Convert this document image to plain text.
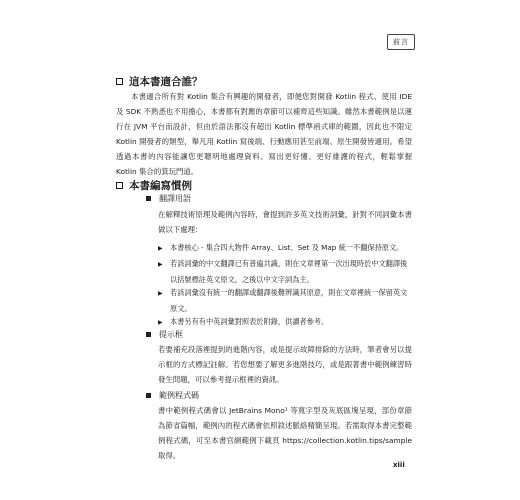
前言
這本書適合誰？
本書適合所有對 Kotlin 集合有興趣的開發者，即便您對開發 Kotlin 程式、使用 IDE 及 SDK 不熟悉也不用擔心，本書都有對應的章節可以補齊這些知識。雖然本書範例是以運行在 JVM 平台而設計，但由於語法都沒有超出 Kotlin 標準函式庫的範圍，因此也不限定 Kotlin 開發者的類型，舉凡用 Kotlin 寫後端、行動應用甚至前端、原生開發皆適用。希望透過本書的內容能讓您更聰明地處理資料、寫出更好懂、更好維護的程式，輕鬆掌握 Kotlin 集合的箕玩門道。
本書編寫慣例
翻譯用語
在解釋技術原理及範例內容時，會提到許多英文技術詞彙，針對不同詞彙本書做以下處理：
▶ 本書核心 - 集合四大物件 Array、List、Set 及 Map 統一不翻保持原文。
▶ 若該詞彙的中文翻譯已有普遍共識，則在文章裡第一次出現時於中文翻譯後以括號標註英文原文，之後以中文字詞為主。
▶ 若該詞彙沒有統一的翻譯或翻譯後難辨識其原意，則在文章裡統一保留英文原文。
▶ 本書另有有中英詞彙對照表於附錄，供讀者參考。
提示框
若要補充段落裡提到的進階內容，或是提示故障排除的方法時，筆者會另以提示框的方式標記註解。若您想要了解更多進階技巧，或是跟著書中範例練習時發生問題，可以參考提示框裡的資訊。
範例程式碼
書中範例程式碼會以 JetBrains Mono¹ 等寬字型及灰底區塊呈現，部份章節為節省篇幅，範例內的程式碼會依照敘述脈絡精簡呈現。若需取得本書完整範例程式碼，可至本書官網範例下載頁 https://collection.kotlin.tips/sample 取得。
xiii
